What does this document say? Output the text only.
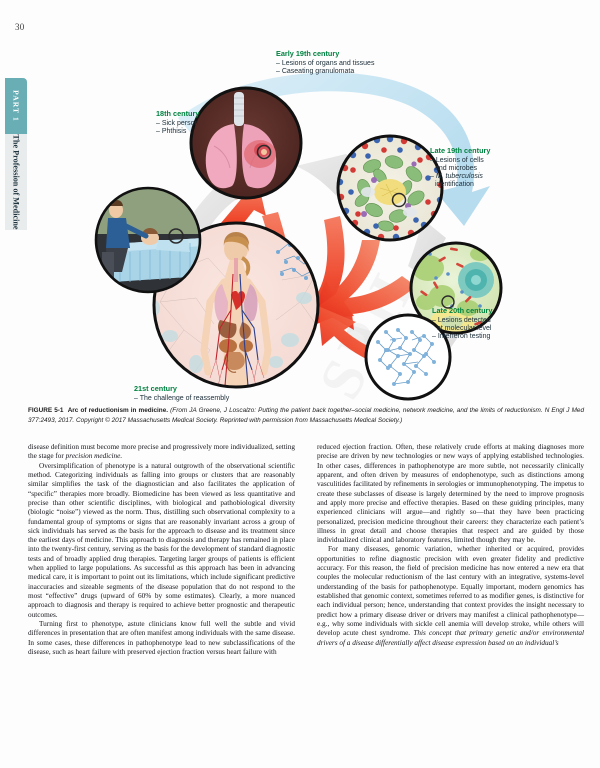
30
PART 1
The Profession of Medicine
18th century
– Sick person
– Phthisis
Early 19th century
– Lesions of organs and tissues
– Caseating granulomata
Late 19th century
– Lesions of cells
and microbes
– M. tuberculosis
identification
Late 20th century
– Lesions detected
at molecular level
– Interferon testing
21st century
– The challenge of reassembly
FIGURE 5-1 Arc of reductionism in medicine. (From JA Greene, J Loscalzo: Putting the patient back together–social medicine, network medicine, and the limits of reductionism. N Engl J Med 377:2493, 2017. Copyright © 2017 Massachusetts Medical Society. Reprinted with permission from Massachusetts Medical Society.)

disease definition must become more precise and progressively more individualized, setting the stage for precision medicine.

Oversimplification of phenotype is a natural outgrowth of the observational scientific method. Categorizing individuals as falling into groups or clusters that are reasonably similar simplifies the task of the diagnostician and also facilitates the application of “specific” therapies more broadly. Biomedicine has been viewed as less quantitative and precise than other scientific disciplines, with biological and pathobiological diversity (biologic “noise”) viewed as the norm. Thus, distilling such observational complexity to a fundamental group of symptoms or signs that are reasonably invariant across a group of sick individuals has served as the basis for the approach to disease and its treatment since the earliest days of medicine. This approach to diagnosis and therapy has remained in place into the twenty-first century, serving as the basis for the development of standard diagnostic tests and of broadly applied drug therapies. Targeting larger groups of patients is efficient when applied to large populations. As successful as this approach has been in advancing medical care, it is important to point out its limitations, which include significant predictive inaccuracies and sizeable segments of the disease population that do not respond to the most “effective” drugs (upward of 60% by some estimates). Clearly, a more nuanced approach to diagnosis and therapy is required to achieve better prognostic and therapeutic outcomes.

Turning first to phenotype, astute clinicians know full well the subtle and vivid differences in presentation that are often manifest among individuals with the same disease. In some cases, these differences in pathophenotype lead to new subclassifications of the disease, such as heart failure with preserved ejection fraction versus heart failure with

reduced ejection fraction. Often, these relatively crude efforts at making diagnoses more precise are driven by new technologies or new ways of applying established technologies. In other cases, differences in pathophenotype are more subtle, not necessarily clinically apparent, and often driven by measures of endophenotype, such as distinctions among vasculitides facilitated by refinements in serologies or immunophenotyping. The impetus to create these subclasses of disease is largely determined by the need to improve prognosis and apply more precise and effective therapies. Based on these guiding principles, many experienced clinicians will argue—and rightly so—that they have been practicing personalized, precision medicine throughout their careers: they characterize each patient’s illness in great detail and choose therapies that respect and are guided by those individualized clinical and laboratory features, limited though they may be.

For many diseases, genomic variation, whether inherited or acquired, provides opportunities to refine diagnostic precision with even greater fidelity and predictive accuracy. For this reason, the field of precision medicine has now entered a new era that couples the molecular reductionism of the last century with an integrative, systems-level understanding of the basis for pathophenotype. Equally important, modern genomics has established that genomic context, sometimes referred to as modifier genes, is distinctive for each individual person; hence, understanding that context provides the insight necessary to predict how a primary disease driver or drivers may manifest a clinical pathophenotype—e.g., why some individuals with sickle cell anemia will develop stroke, while others will develop acute chest syndrome. This concept that primary genetic and/or environmental drivers of a disease differentially affect disease expression based on an individual’s
